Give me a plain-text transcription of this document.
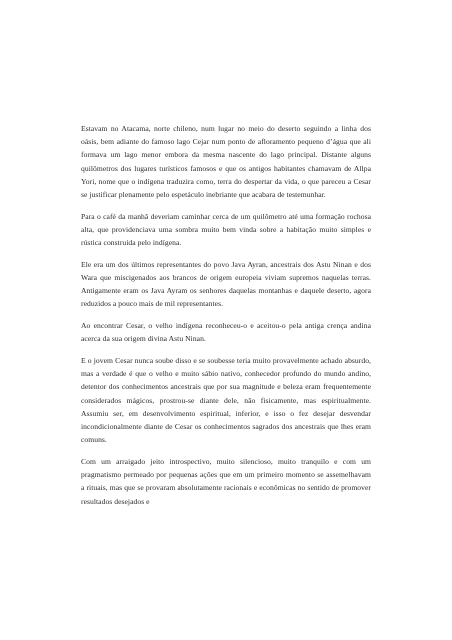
Estavam no Atacama, norte chileno, num lugar no meio do deserto seguindo a linha dos oásis, bem adiante do famoso lago Cejar num ponto de afloramento pequeno d’água que ali formava um lago menor embora da mesma nascente do lago principal. Distante alguns quilômetros dos lugares turísticos famosos e que os antigos habitantes chamavam de Allpa Yori, nome que o indígena traduzira como, terra do despertar da vida, o que pareceu a Cesar se justificar plenamente pelo espetáculo inebriante que acabara de testemunhar.

Para o café da manhã deveriam caminhar cerca de um quilômetro até uma formação rochosa alta, que providenciava uma sombra muito bem vinda sobre a habitação muito simples e rústica construída pelo indígena.

Ele era um dos últimos representantes do povo Java Ayran, ancestrais dos Astu Ninan e dos Wara que miscigenados aos brancos de origem europeia viviam supremos naquelas terras. Antigamente eram os Java Ayram os senhores daquelas montanhas e daquele deserto, agora reduzidos a pouco mais de mil representantes.

Ao encontrar Cesar, o velho indígena reconheceu-o e aceitou-o pela antiga crença andina acerca da sua origem divina Astu Ninan.

E o jovem Cesar nunca soube disso e se soubesse teria muito provavelmente achado absurdo, mas a verdade é que o velho e muito sábio nativo, conhecedor profundo do mundo andino, detentor dos conhecimentos ancestrais que por sua magnitude e beleza eram frequentemente considerados mágicos, prostrou-se diante dele, não fisicamente, mas espiritualmente. Assumiu ser, em desenvolvimento espiritual, inferior, e isso o fez desejar desvendar incondicionalmente diante de Cesar os conhecimentos sagrados dos ancestrais que lhes eram comuns.

Com um arraigado jeito introspectivo, muito silencioso, muito tranquilo e com um pragmatismo permeado por pequenas ações que em um primeiro momento se assemelhavam a rituais, mas que se provaram absolutamente racionais e econômicas no sentido de promover resultados desejados e
